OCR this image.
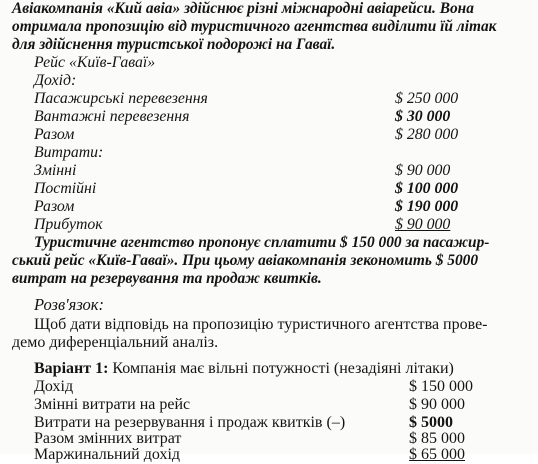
Авіакомпанія «Кий авіа» здійснює різні міжнародні авіарейси. Вона
отримала пропозицію від туристичного агентства виділити їй літак
для здійснення туристської подорожі на Гаваї.
Рейс «Київ-Гаваї»
Дохід:
Пасажирські перевезення	$ 250 000
Вантажні перевезення	$ 30 000
Разом	$ 280 000
Витрати:
Змінні	$ 90 000
Постійні	$ 100 000
Разом	$ 190 000
Прибуток	$ 90 000
Туристичне агентство пропонує сплатити $ 150 000 за пасажир-
ський рейс «Київ-Гаваї». При цьому авіакомпанія зекономить $ 5000
витрат на резервування та продаж квитків.
Розв'язок:
Щоб дати відповідь на пропозицію туристичного агентства прове-
демо диференціальний аналіз.
Варіант 1: Компанія має вільні потужності (незадіяні літаки)
Дохід	$ 150 000
Змінні витрати на рейс	$ 90 000
Витрати на резервування і продаж квитків (–)	$ 5000
Разом змінних витрат	$ 85 000
Маржинальний дохід	$ 65 000
